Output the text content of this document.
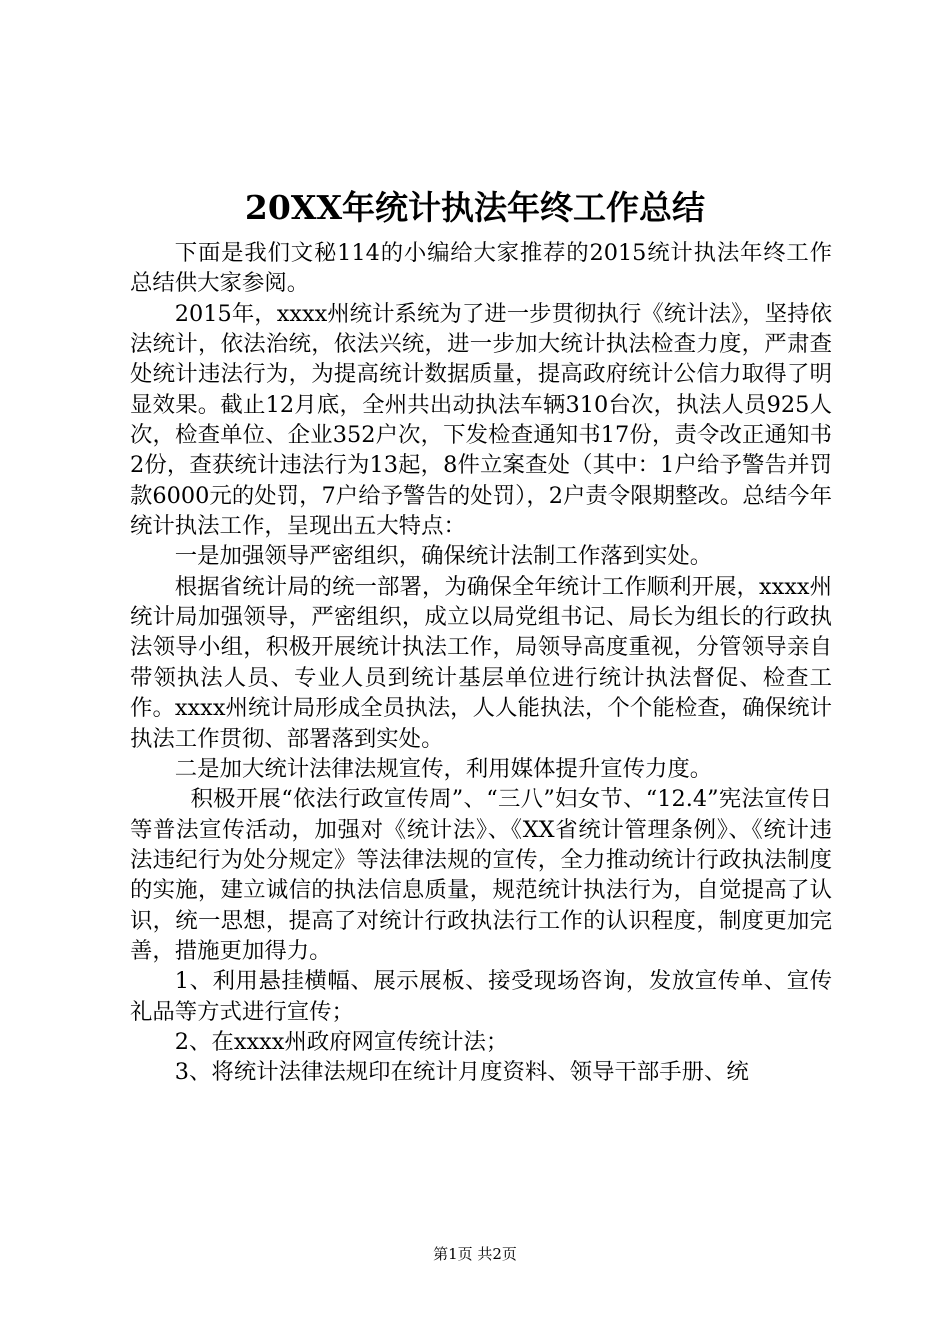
20XX年统计执法年终工作总结

下面是我们文秘114的小编给大家推荐的2015统计执法年终工作总结供大家参阅。

2015年，xxxx州统计系统为了进一步贯彻执行《统计法》，坚持依法统计，依法治统，依法兴统，进一步加大统计执法检查力度，严肃查处统计违法行为，为提高统计数据质量，提高政府统计公信力取得了明显效果。截止12月底，全州共出动执法车辆310台次，执法人员925人次，检查单位、企业352户次，下发检查通知书17份，责令改正通知书2份，查获统计违法行为13起，8件立案查处（其中：1户给予警告并罚款6000元的处罚，7户给予警告的处罚），2户责令限期整改。总结今年统计执法工作，呈现出五大特点：

一是加强领导严密组织，确保统计法制工作落到实处。

根据省统计局的统一部署，为确保全年统计工作顺利开展，xxxx州统计局加强领导，严密组织，成立以局党组书记、局长为组长的行政执法领导小组，积极开展统计执法工作，局领导高度重视，分管领导亲自带领执法人员、专业人员到统计基层单位进行统计执法督促、检查工作。xxxx州统计局形成全员执法，人人能执法，个个能检查，确保统计执法工作贯彻、部署落到实处。

二是加大统计法律法规宣传，利用媒体提升宣传力度。

积极开展“依法行政宣传周”、“三八”妇女节、“12.4”宪法宣传日等普法宣传活动，加强对《统计法》、《XX省统计管理条例》、《统计违法违纪行为处分规定》等法律法规的宣传，全力推动统计行政执法制度的实施，建立诚信的执法信息质量，规范统计执法行为，自觉提高了认识，统一思想，提高了对统计行政执法行工作的认识程度，制度更加完善，措施更加得力。

1、利用悬挂横幅、展示展板、接受现场咨询，发放宣传单、宣传礼品等方式进行宣传；

2、在xxxx州政府网宣传统计法；

3、将统计法律法规印在统计月度资料、领导干部手册、统

第1页 共2页
